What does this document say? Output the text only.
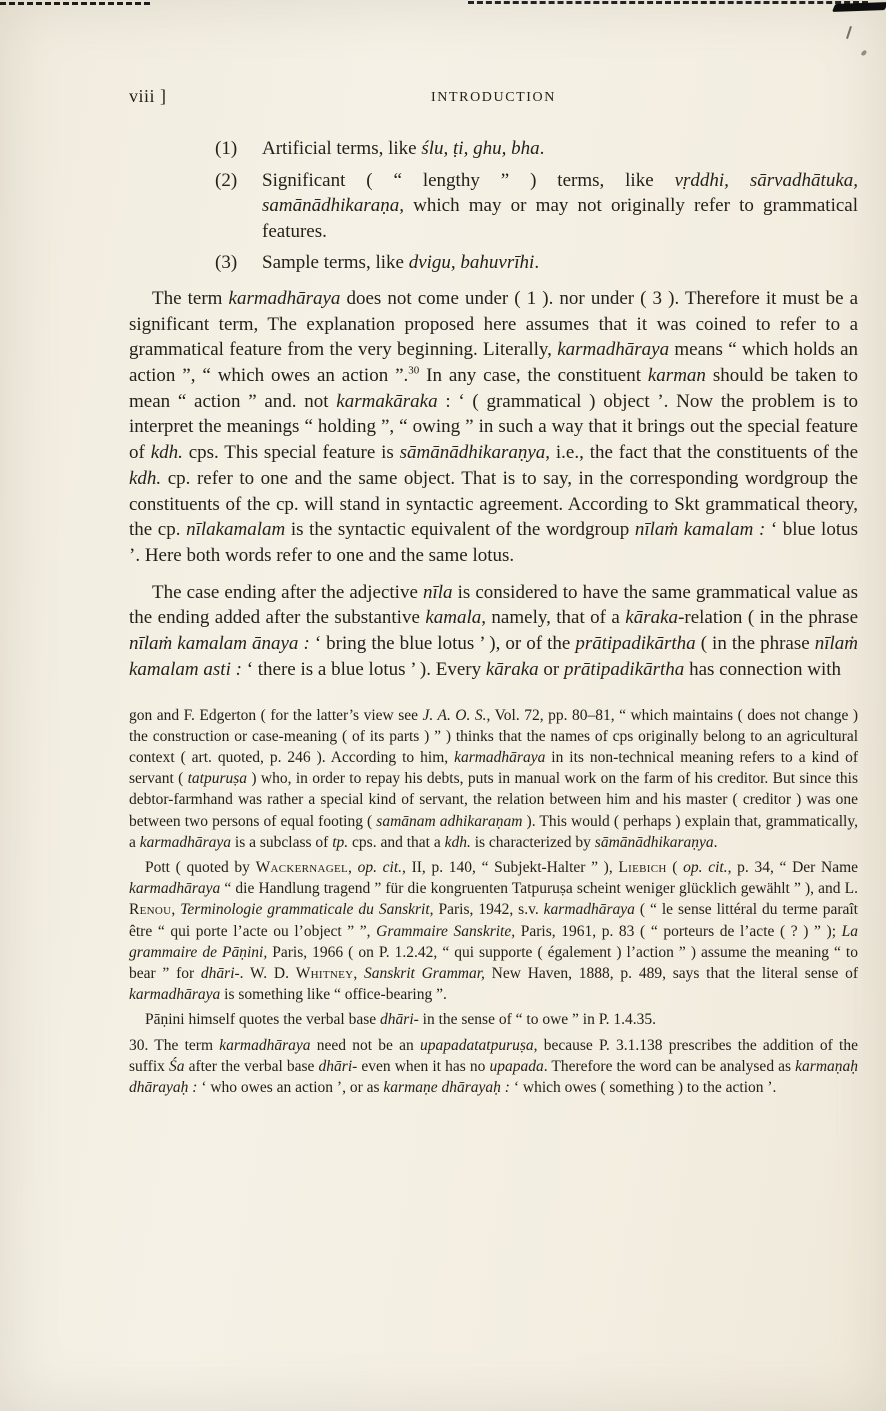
viii ]	INTRODUCTION
(1) Artificial terms, like ślu, ṭi, ghu, bha.
(2) Significant ( “ lengthy ” ) terms, like vṛddhi, sārvadhātuka, samānādhikaraṇa, which may or may not originally refer to grammatical features.
(3) Sample terms, like dvigu, bahuvrīhi.

The term karmadhāraya does not come under ( 1 ). nor under ( 3 ). Therefore it must be a significant term, The explanation proposed here assumes that it was coined to refer to a grammatical feature from the very beginning. Literally, karmadhāraya means “ which holds an action ”, “ which owes an action ”.$^{30}$ In any case, the constituent karman should be taken to mean “ action ” and. not karmakāraka : ‘ ( grammatical ) object ’. Now the problem is to interpret the meanings “ holding ”, “ owing ” in such a way that it brings out the special feature of kdh. cps. This special feature is sāmānādhikaraṇya, i.e., the fact that the constituents of the kdh. cp. refer to one and the same object. That is to say, in the corresponding wordgroup the constituents of the cp. will stand in syntactic agreement. According to Skt grammatical theory, the cp. nīlakamalam is the syntactic equivalent of the wordgroup nīlaṁ kamalam : ‘ blue lotus ’. Here both words refer to one and the same lotus.

The case ending after the adjective nīla is considered to have the same grammatical value as the ending added after the substantive kamala, namely, that of a kāraka-relation ( in the phrase nīlaṁ kamalam ānaya : ‘ bring the blue lotus ’ ), or of the prātipadikārtha ( in the phrase nīlaṁ kamalam asti : ‘ there is a blue lotus ’ ). Every kāraka or prātipadikārtha has connection with

gon and F. Edgerton ( for the latter’s view see J. A. O. S., Vol. 72, pp. 80–81, “ which maintains ( does not change ) the construction or case-meaning ( of its parts ) ” ) thinks that the names of cps originally belong to an agricultural context ( art. quoted, p. 246 ). According to him, karmadhāraya in its non-technical meaning refers to a kind of servant ( tatpuruṣa ) who, in order to repay his debts, puts in manual work on the farm of his creditor. But since this debtor-farmhand was rather a special kind of servant, the relation between him and his master ( creditor ) was one between two persons of equal footing ( samānam adhikaraṇam ). This would ( perhaps ) explain that, grammatically, a karmadhāraya is a subclass of tp. cps. and that a kdh. is characterized by sāmānādhikaraṇya.

Pott ( quoted by Wackernagel, op. cit., II, p. 140, “ Subjekt-Halter ” ), Liebich ( op. cit., p. 34, “ Der Name karmadhāraya “ die Handlung tragend ” für die kongruenten Tatpuruṣa scheint weniger glücklich gewählt ” ), and L. Renou, Terminologie grammaticale du Sanskrit, Paris, 1942, s.v. karmadhāraya ( “ le sense littéral du terme paraît être “ qui porte l’acte ou l’object ” ”, Grammaire Sanskrite, Paris, 1961, p. 83 ( “ porteurs de l’acte ( ? ) ” ); La grammaire de Pāṇini, Paris, 1966 ( on P. 1.2.42, “ qui supporte ( également ) l’action ” ) assume the meaning “ to bear ” for dhāri-. W. D. Whitney, Sanskrit Grammar, New Haven, 1888, p. 489, says that the literal sense of karmadhāraya is something like “ office-bearing ”.

Pāṇini himself quotes the verbal base dhāri- in the sense of “ to owe ” in P. 1.4.35.

30. The term karmadhāraya need not be an upapadatatpuruṣa, because P. 3.1.138 prescribes the addition of the suffix Śa after the verbal base dhāri- even when it has no upapada. Therefore the word can be analysed as karmaṇaḥ dhārayaḥ : ‘ who owes an action ’, or as karmaṇe dhārayaḥ : ‘ which owes ( something ) to the action ’.
